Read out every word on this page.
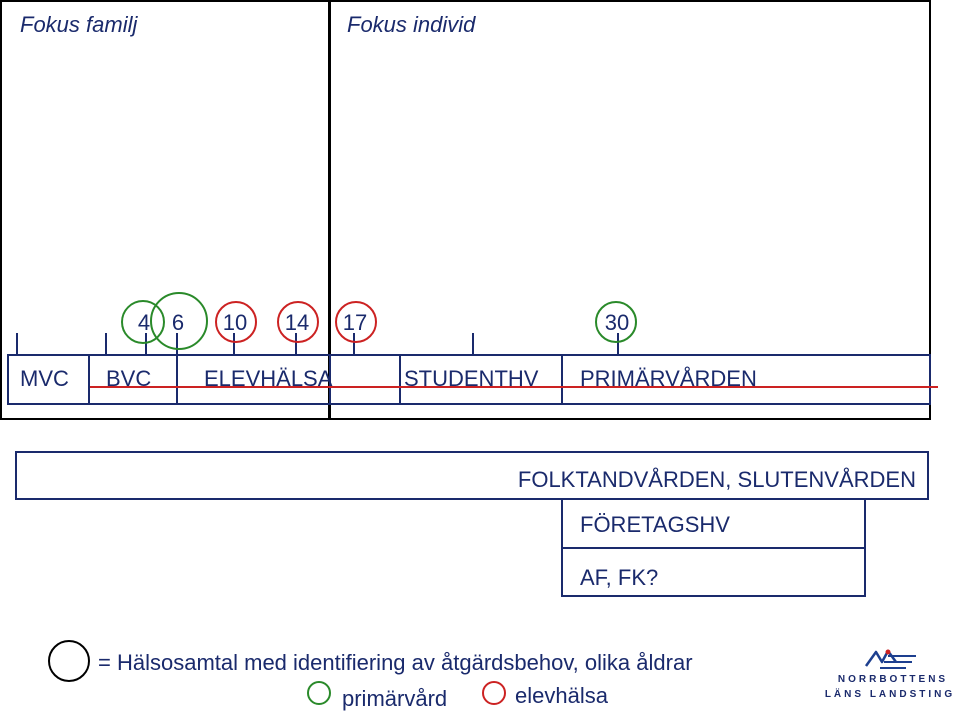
Fokus familj	Fokus individ
4 6 10 14 17	30
MVC BVC ELEVHÄLSA	STUDENTHV PRIMÄRVÅRDEN
FOLKTANDVÅRDEN, SLUTENVÅRDEN
FÖRETAGSHV
AF, FK?
= Hälsosamtal med identifiering av åtgärdsbehov, olika åldrar
primärvård	elevhälsa
NORRBOTTENS
LÄNS LANDSTING
